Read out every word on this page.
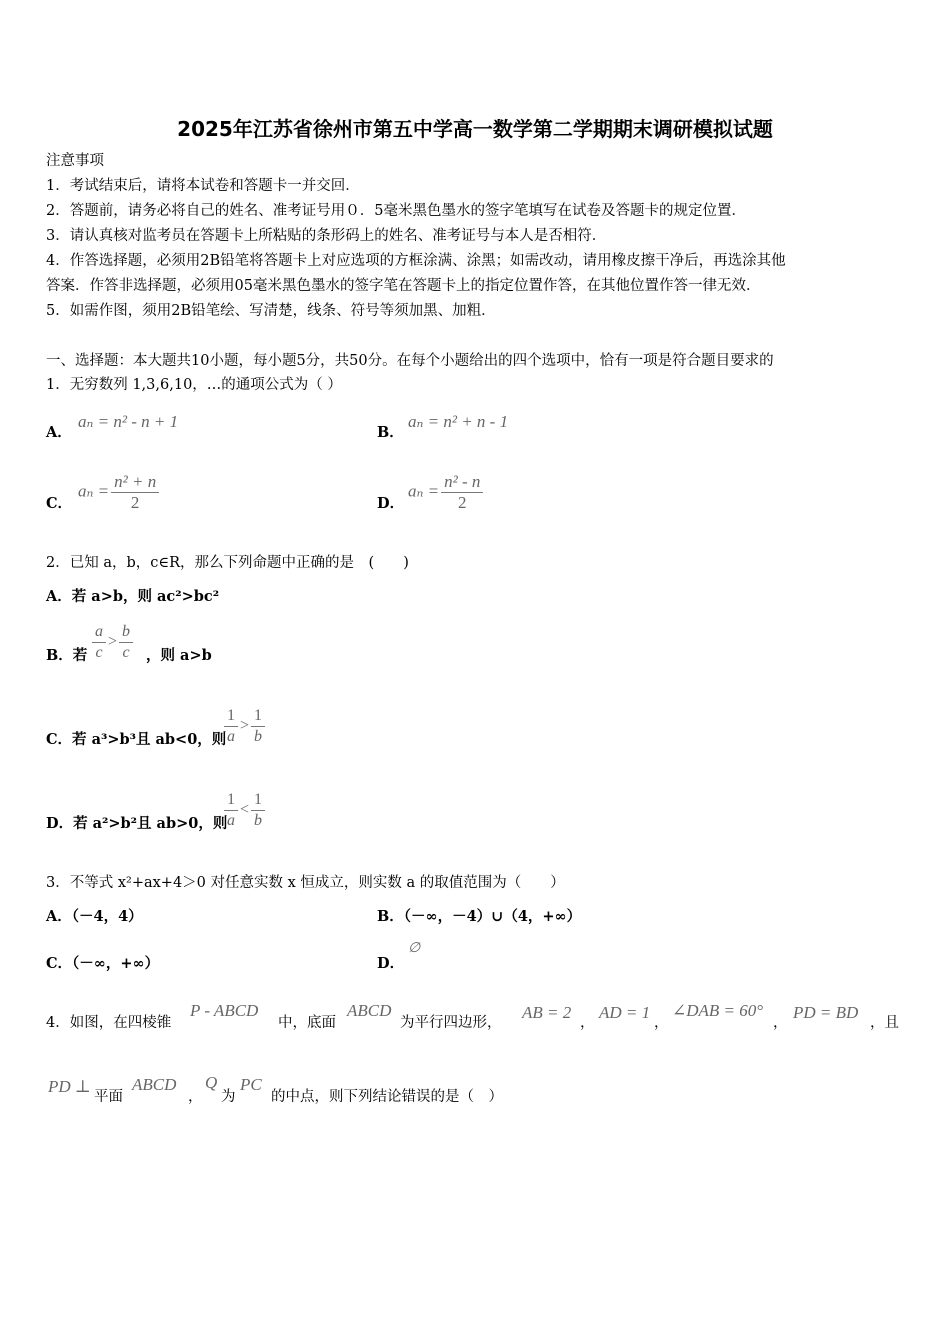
2025年江苏省徐州市第五中学高一数学第二学期期末调研模拟试题
注意事项
1．考试结束后，请将本试卷和答题卡一并交回．
2．答题前，请务必将自己的姓名、准考证号用０．5毫米黑色墨水的签字笔填写在试卷及答题卡的规定位置．
3．请认真核对监考员在答题卡上所粘贴的条形码上的姓名、准考证号与本人是否相符．
4．作答选择题，必须用2B铅笔将答题卡上对应选项的方框涂满、涂黑；如需改动，请用橡皮擦干净后，再选涂其他
答案．作答非选择题，必须用05毫米黑色墨水的签字笔在答题卡上的指定位置作答，在其他位置作答一律无效．
5．如需作图，须用2B铅笔绘、写清楚，线条、符号等须加黑、加粗．
一、选择题：本大题共10小题，每小题5分，共50分。在每个小题给出的四个选项中，恰有一项是符合题目要求的
1．无穷数列 1,3,6,10，…的通项公式为（ ）
A．
aₙ = n² - n + 1
B．
aₙ = n² + n - 1
C．
$a_n = \frac{\text{n² + n}}{2}$	D．
$a_n = \frac{\text{n² - n}}{2}$
2．已知 a，b，c∈R，那么下列命题中正确的是　(　　)
A．若 a>b，则 ac²>bc²
B．若 $\frac{a}{c} > \frac{b}{c}$ ，则 a>b
C．若 a³>b³且 ab<0，则
$\frac{1}{a} > \frac{1}{b}$
D．若 a²>b²且 ab>0，则
$\frac{1}{a} < \frac{1}{b}$
3．不等式 x²+ax+4＞0 对任意实数 x 恒成立，则实数 a 的取值范围为（　　）
A．（－4，4）	B．（－∞，－4）∪（4，+∞）
C．（－∞，+∞）	D．
∅
4．如图，在四棱锥
P - ABCD
中，底面
ABCD
为平行四边形，
AB = 2
，
AD = 1
，
∠DAB = 60°
，
PD = BD
，且
PD ⊥
平面
ABCD
，
Q
为
PC
的中点，则下列结论错误的是（　）
